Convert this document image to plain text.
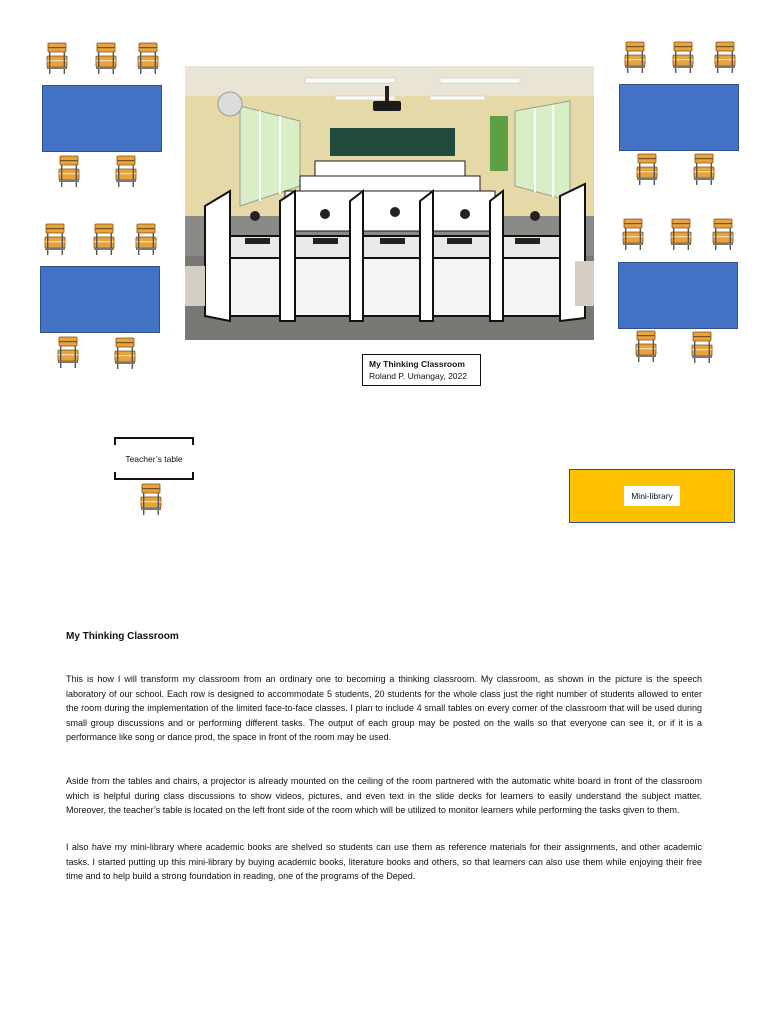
My Thinking Classroom
Roland P. Umangay, 2022
Teacher’s table
Mini-library
My Thinking Classroom

This is how I will transform my classroom from an ordinary one to becoming a thinking classroom. My classroom, as shown in the picture is the speech laboratory of our school. Each row is designed to accommodate 5 students, 20 students for the whole class just the right number of students allowed to enter the room during the implementation of the limited face-to-face classes. I plan to include 4 small tables on every corner of the classroom that will be used during small group discussions and or performing different tasks. The output of each group may be posted on the walls so that everyone can see it, or if it is a performance like song or dance prod, the space in front of the room may be used.

Aside from the tables and chairs, a projector is already mounted on the ceiling of the room partnered with the automatic white board in front of the classroom which is helpful during class discussions to show videos, pictures, and even text in the slide decks for learners to easily understand the subject matter. Moreover, the teacher’s table is located on the left front side of the room which will be utilized to monitor learners while performing the tasks given to them.

I also have my mini-library where academic books are shelved so students can use them as reference materials for their assignments, and other academic tasks. I started putting up this mini-library by buying academic books, literature books and others, so that learners can also use them while enjoying their free time and to help build a strong foundation in reading, one of the programs of the Deped.
